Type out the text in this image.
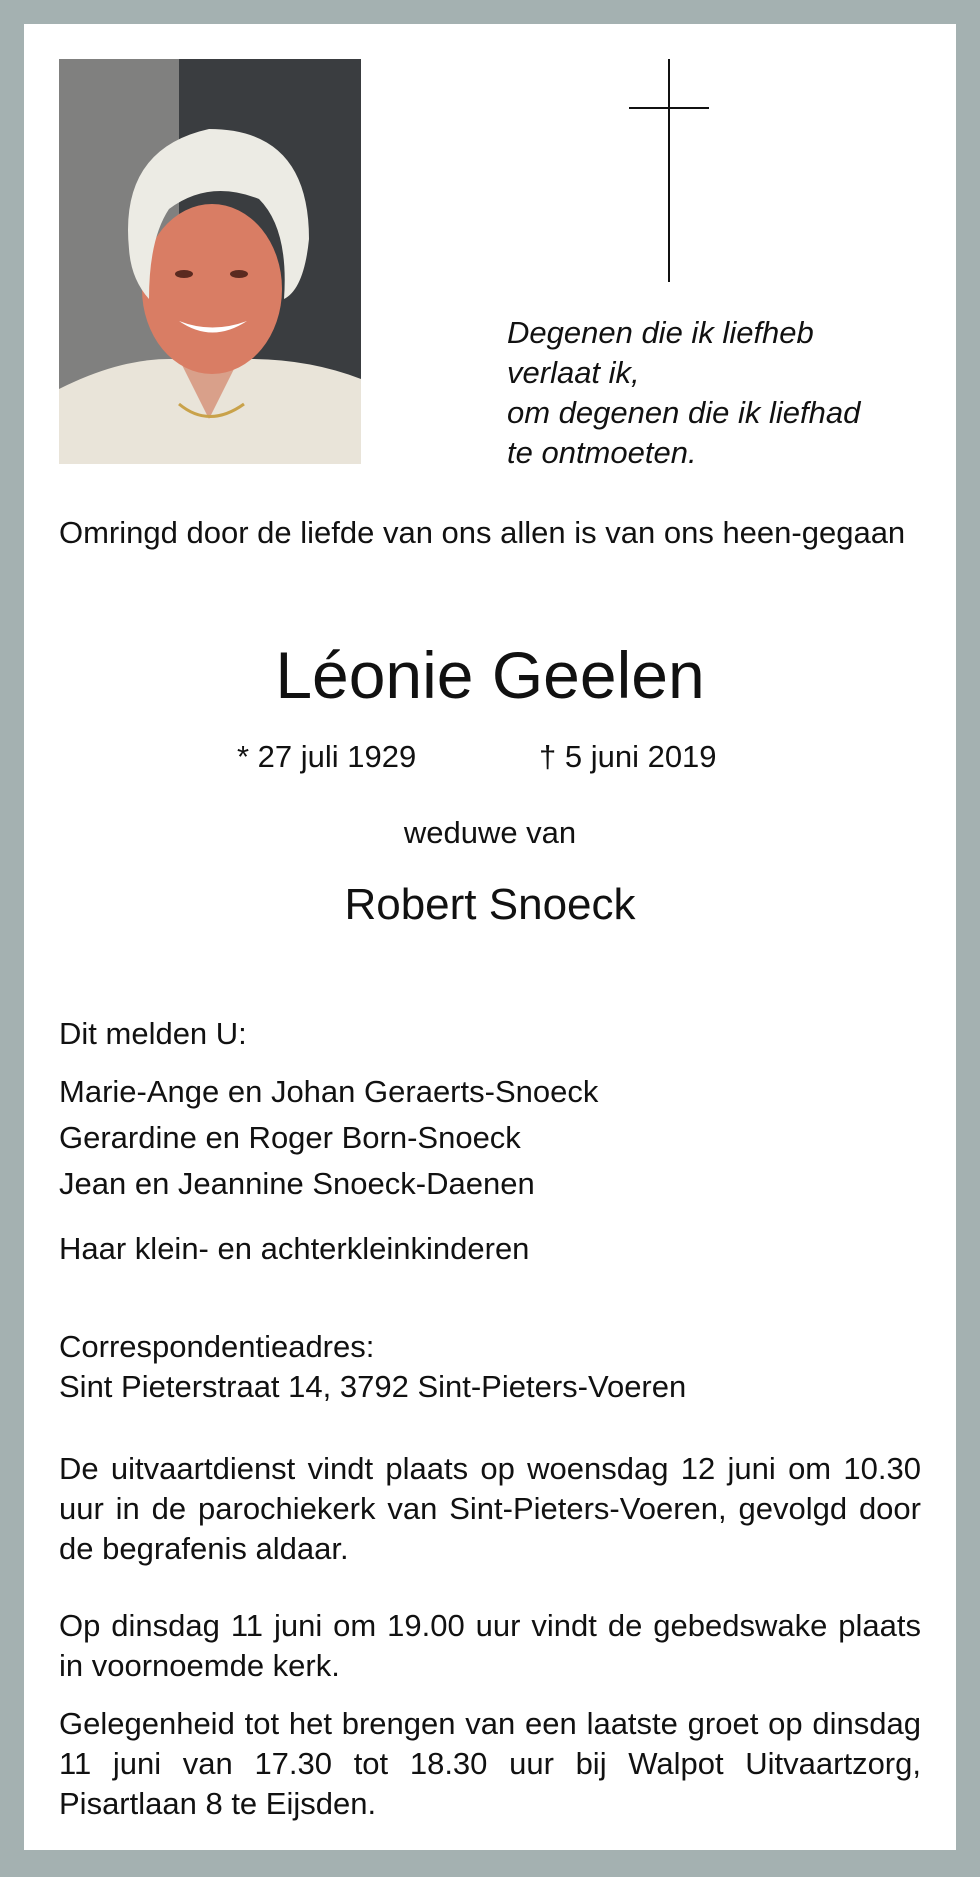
Degenen die ik liefheb
verlaat ik,
om degenen die ik liefhad
te ontmoeten.
Omringd door de liefde van ons allen is van ons heen-gegaan
Léonie Geelen
* 27 juli 1929	† 5 juni 2019
weduwe van
Robert Snoeck
Dit melden U:
Marie-Ange en Johan Geraerts-Snoeck
Gerardine en Roger Born-Snoeck
Jean en Jeannine Snoeck-Daenen
Haar klein- en achterkleinkinderen
Correspondentieadres:
Sint Pieterstraat 14, 3792 Sint-Pieters-Voeren
De uitvaartdienst vindt plaats op woensdag 12 juni om 10.30 uur in de parochiekerk van Sint-Pieters-Voeren, gevolgd door de begrafenis aldaar.
Op dinsdag 11 juni om 19.00 uur vindt de gebedswake plaats in voornoemde kerk.
Gelegenheid tot het brengen van een laatste groet op dinsdag 11 juni van 17.30 tot 18.30 uur bij Walpot Uitvaartzorg, Pisartlaan 8 te Eijsden.
